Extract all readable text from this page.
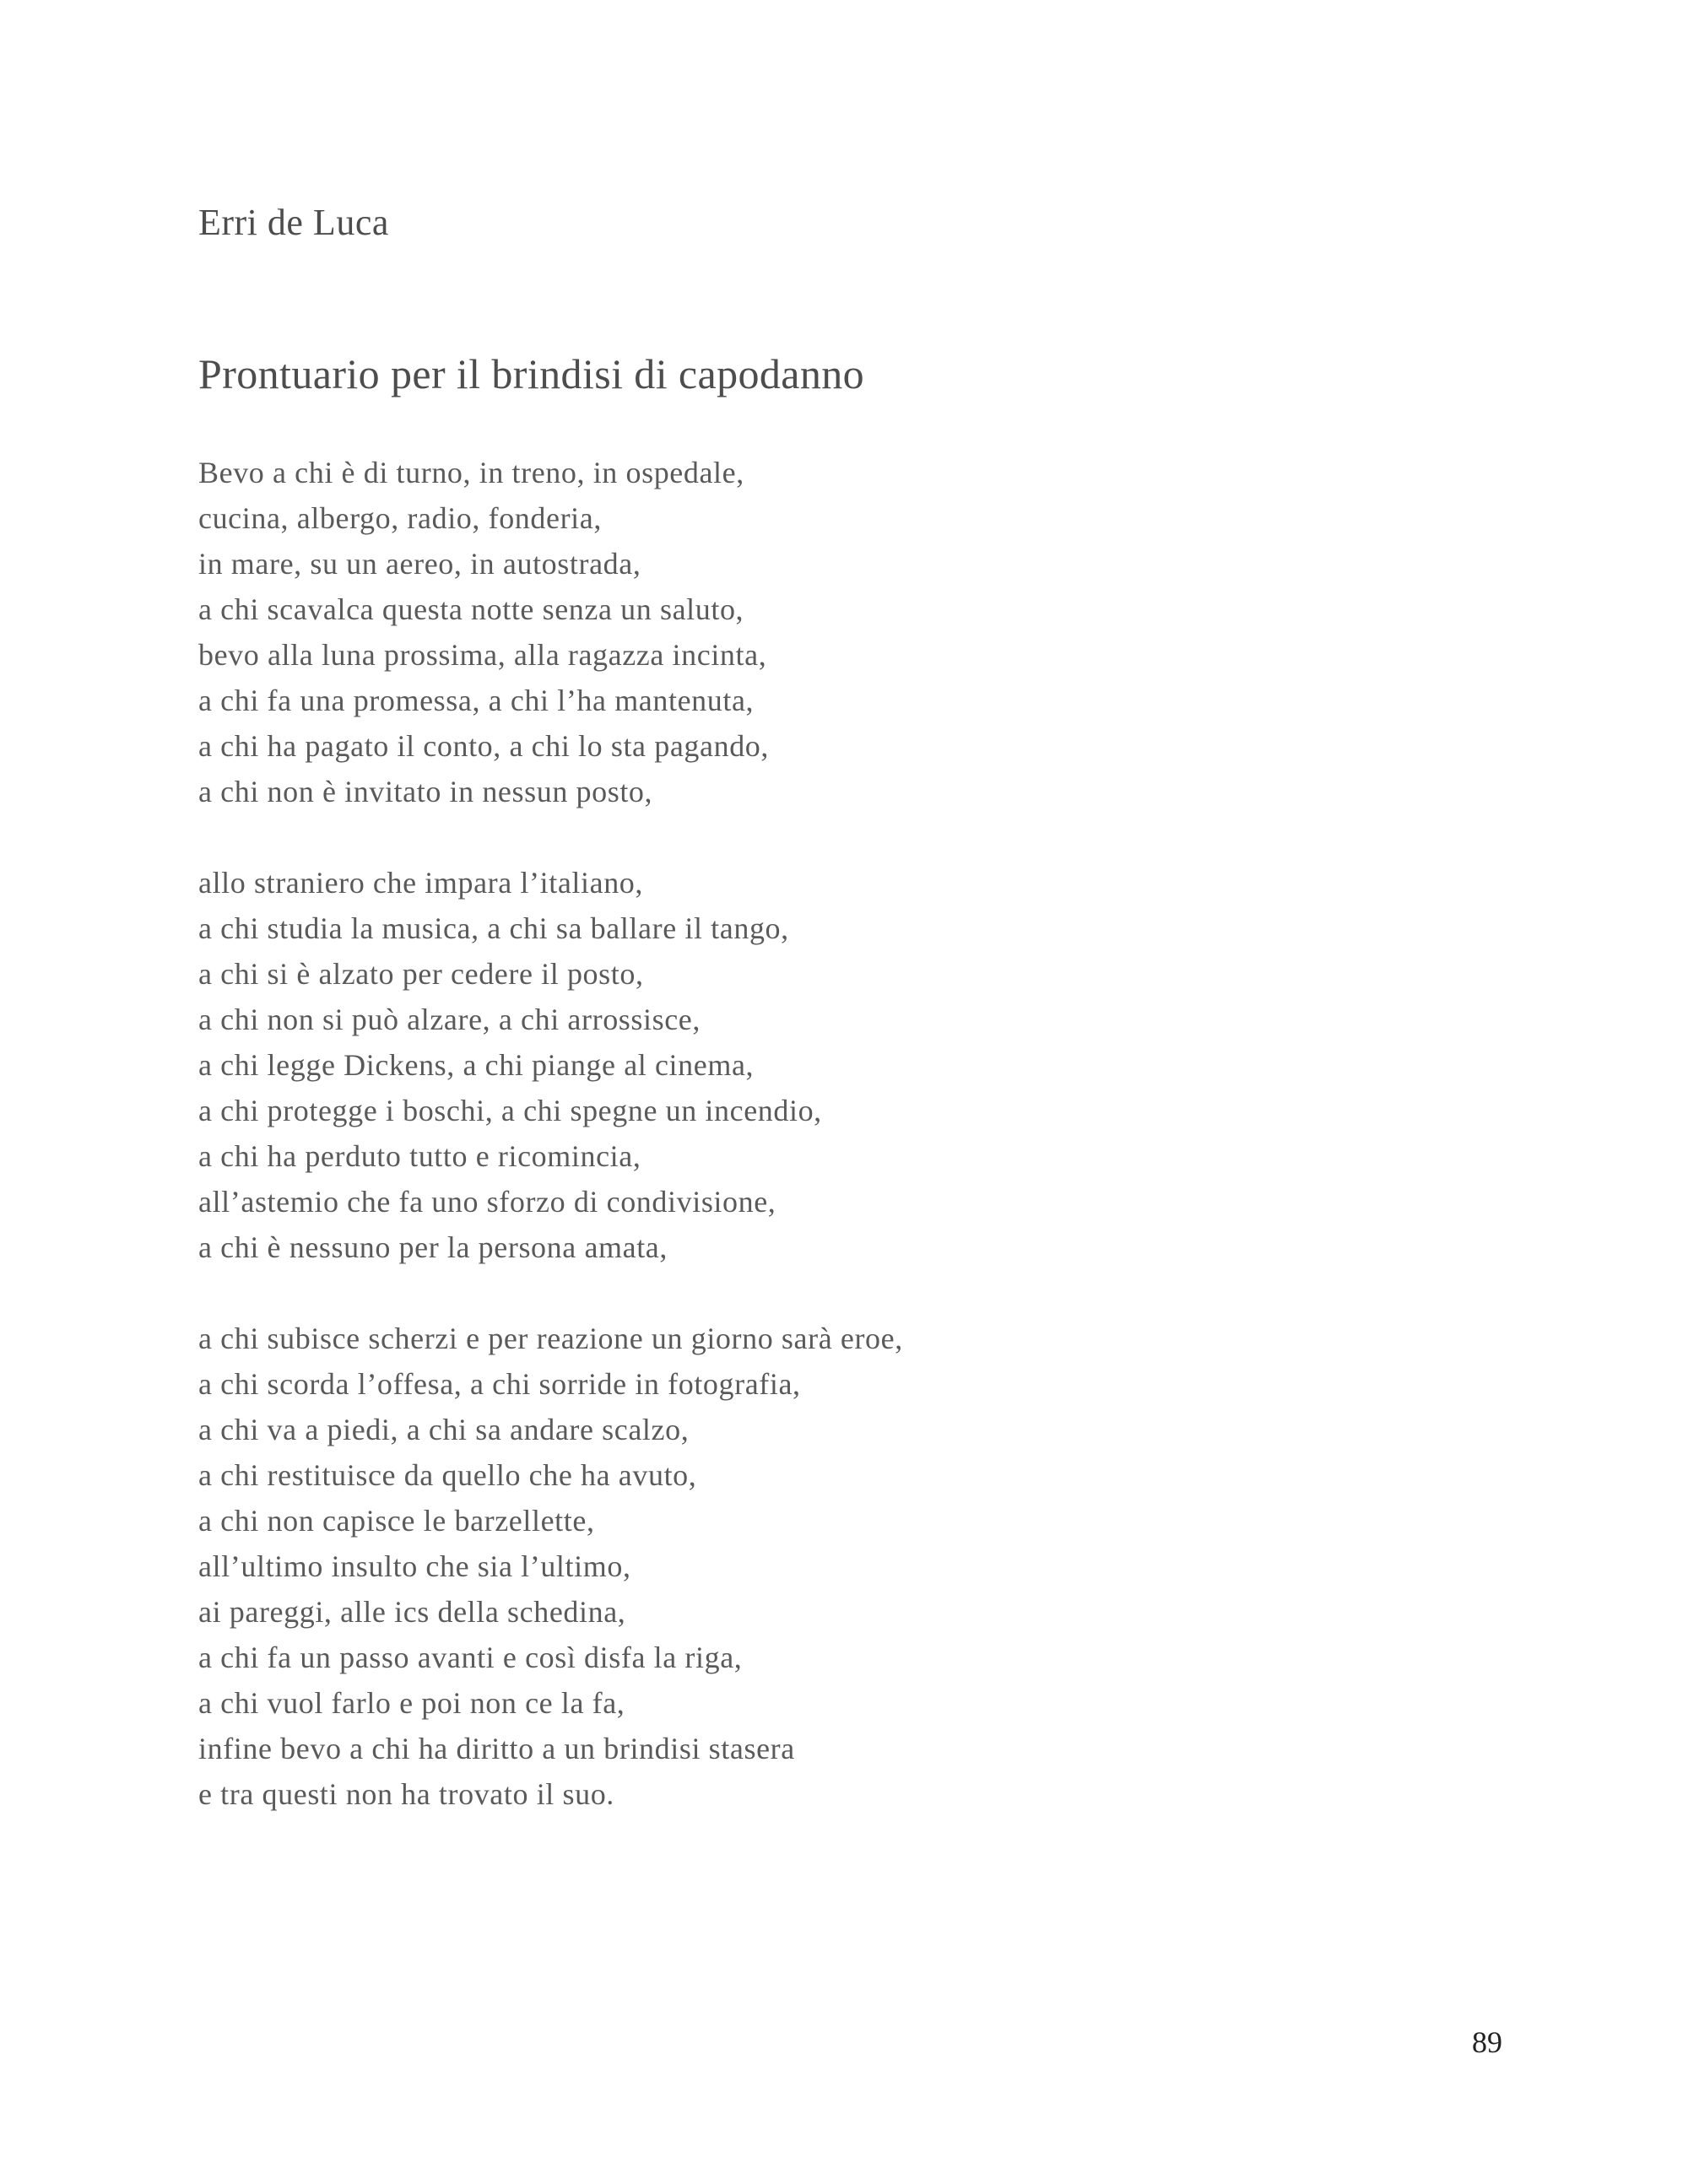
Erri de Luca
Prontuario per il brindisi di capodanno
Bevo a chi è di turno, in treno, in ospedale,
cucina, albergo, radio, fonderia,
in mare, su un aereo, in autostrada,
a chi scavalca questa notte senza un saluto,
bevo alla luna prossima, alla ragazza incinta,
a chi fa una promessa, a chi l’ha mantenuta,
a chi ha pagato il conto, a chi lo sta pagando,
a chi non è invitato in nessun posto,
allo straniero che impara l’italiano,
a chi studia la musica, a chi sa ballare il tango,
a chi si è alzato per cedere il posto,
a chi non si può alzare, a chi arrossisce,
a chi legge Dickens, a chi piange al cinema,
a chi protegge i boschi, a chi spegne un incendio,
a chi ha perduto tutto e ricomincia,
all’astemio che fa uno sforzo di condivisione,
a chi è nessuno per la persona amata,
a chi subisce scherzi e per reazione un giorno sarà eroe,
a chi scorda l’offesa, a chi sorride in fotografia,
a chi va a piedi, a chi sa andare scalzo,
a chi restituisce da quello che ha avuto,
a chi non capisce le barzellette,
all’ultimo insulto che sia l’ultimo,
ai pareggi, alle ics della schedina,
a chi fa un passo avanti e così disfa la riga,
a chi vuol farlo e poi non ce la fa,
infine bevo a chi ha diritto a un brindisi stasera
e tra questi non ha trovato il suo.
89
